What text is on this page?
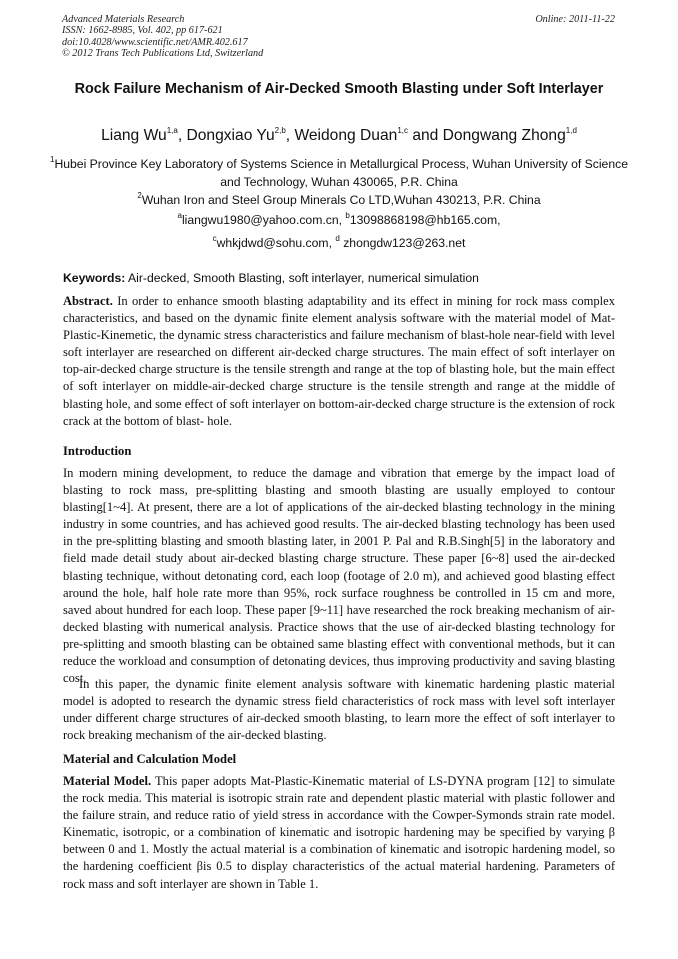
Advanced Materials Research
ISSN: 1662-8985, Vol. 402, pp 617-621
doi:10.4028/www.scientific.net/AMR.402.617
© 2012 Trans Tech Publications Ltd, Switzerland
Online: 2011-11-22
Rock Failure Mechanism of Air-Decked Smooth Blasting under Soft Interlayer
Liang Wu$^{1,a}$, Dongxiao Yu$^{2,b}$, Weidong Duan$^{1,c}$ and Dongwang Zhong$^{1,d}$
$^1$Hubei Province Key Laboratory of Systems Science in Metallurgical Process, Wuhan University of Science and Technology, Wuhan 430065, P.R. China
$^2$Wuhan Iron and Steel Group Minerals Co LTD,Wuhan 430213, P.R. China
$^a$liangwu1980@yahoo.com.cn, $^b$13098868198@hb165.com,
$^c$whkjdwd@sohu.com, $^d$ zhongdw123@263.net
Keywords: Air-decked, Smooth Blasting, soft interlayer, numerical simulation
Abstract. In order to enhance smooth blasting adaptability and its effect in mining for rock mass complex characteristics, and based on the dynamic finite element analysis software with the material model of Mat-Plastic-Kinemetic, the dynamic stress characteristics and failure mechanism of blast-hole near-field with level soft interlayer are researched on different air-decked charge structures. The main effect of soft interlayer on top-air-decked charge structure is the tensile strength and range at the top of blasting hole, but the main effect of soft interlayer on middle-air-decked charge structure is the tensile strength and range at the middle of blasting hole, and some effect of soft interlayer on bottom-air-decked charge structure is the extension of rock crack at the bottom of blast- hole.
Introduction
In modern mining development, to reduce the damage and vibration that emerge by the impact load of blasting to rock mass, pre-splitting blasting and smooth blasting are usually employed to contour blasting[1~4]. At present, there are a lot of applications of the air-decked blasting technology in the mining industry in some countries, and has achieved good results. The air-decked blasting technology has been used in the pre-splitting blasting and smooth blasting later, in 2001 P. Pal and R.B.Singh[5] in the laboratory and field made detail study about air-decked blasting charge structure. These paper [6~8] used the air-decked blasting technique, without detonating cord, each loop (footage of 2.0 m), and achieved good blasting effect around the hole, half hole rate more than 95%, rock surface roughness be controlled in 15 cm and more, saved about hundred for each loop. These paper [9~11] have researched the rock breaking mechanism of air-decked blasting with numerical analysis. Practice shows that the use of air-decked blasting technology for pre-splitting and smooth blasting can be obtained same blasting effect with conventional methods, but it can reduce the workload and consumption of detonating devices, thus improving productivity and saving blasting cost.
In this paper, the dynamic finite element analysis software with kinematic hardening plastic material model is adopted to research the dynamic stress field characteristics of rock mass with level soft interlayer under different charge structures of air-decked smooth blasting, to learn more the effect of soft interlayer to rock breaking mechanism of the air-decked blasting.
Material and Calculation Model
Material Model. This paper adopts Mat-Plastic-Kinematic material of LS-DYNA program [12] to simulate the rock media. This material is isotropic strain rate and dependent plastic material with plastic follower and the failure strain, and reduce ratio of yield stress in accordance with the Cowper-Symonds strain rate model. Kinematic, isotropic, or a combination of kinematic and isotropic hardening may be specified by varying β between 0 and 1. Mostly the actual material is a combination of kinematic and isotropic hardening model, so the hardening coefficient βis 0.5 to display characteristics of the actual material hardening. Parameters of rock mass and soft interlayer are shown in Table 1.
